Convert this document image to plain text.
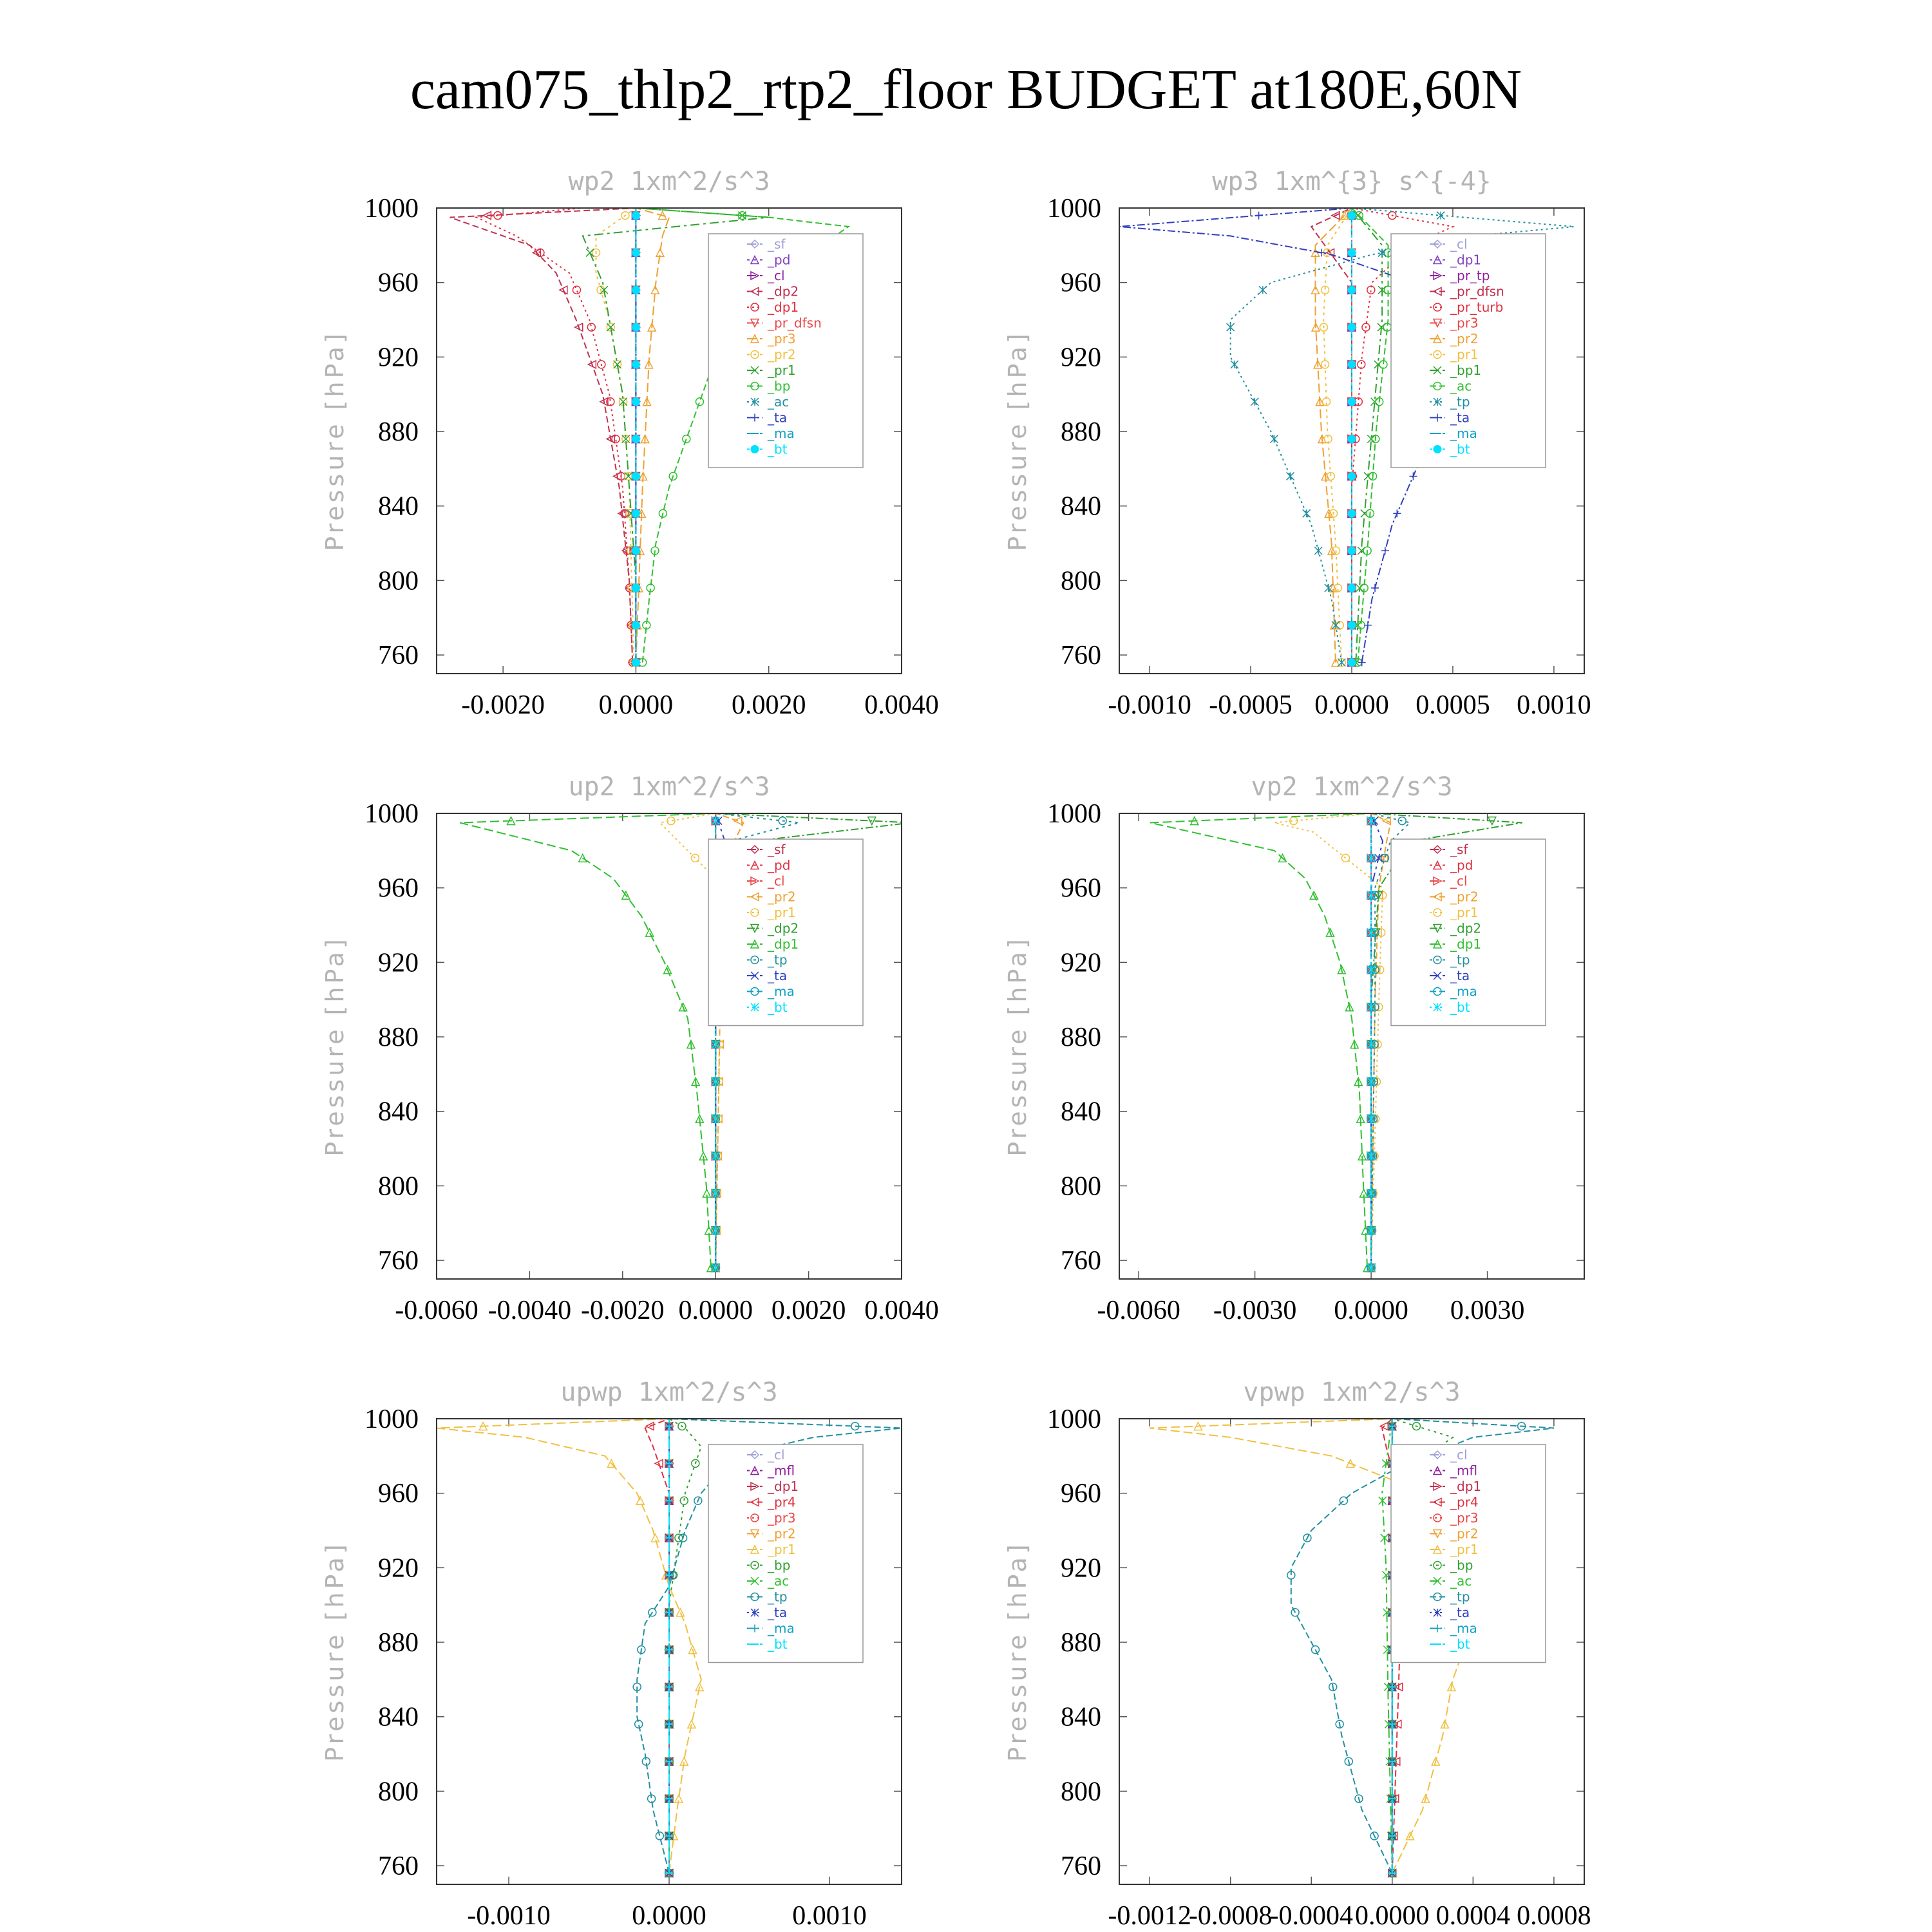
cam075_thlp2_rtp2_floor BUDGET at180E,60N
wp2 1xm^2/s^3
Pressure [hPa]
760
800
840
880
920
960
1000
-0.0020 0.0000 0.0020 0.0040
_sf
_pd
_cl
_dp2
_dp1
_pr_dfsn
_pr3
_pr2
_pr1
_bp
_ac
_ta
_ma
_bt
wp3 1xm^{3} s^{-4}
Pressure [hPa]
760
800
840
880
920
960
1000
-0.0010 -0.0005 0.0000 0.0005 0.0010
_cl
_dp1
_pr_tp
_pr_dfsn
_pr_turb
_pr3
_pr2
_pr1
_bp1
_ac
_tp
_ta
_ma
_bt
up2 1xm^2/s^3
Pressure [hPa]
760
800
840
880
920
960
1000
-0.0060 -0.0040 -0.0020 0.0000 0.0020 0.0040
_sf
_pd
_cl
_pr2
_pr1
_dp2
_dp1
_tp
_ta
_ma
_bt
vp2 1xm^2/s^3
Pressure [hPa]
760
800
840
880
920
960
1000
-0.0060 -0.0030 0.0000 0.0030
_sf
_pd
_cl
_pr2
_pr1
_dp2
_dp1
_tp
_ta
_ma
_bt
upwp 1xm^2/s^3
Pressure [hPa]
760
800
840
880
920
960
1000
-0.0010	0.0000	0.0010
_cl
_mfl
_dp1
_pr4
_pr3
_pr2
_pr1
_bp
_ac
_tp
_ta
_ma
_bt
vpwp 1xm^2/s^3
Pressure [hPa]
760
800
840
880
920
960
1000
-0.0012
-0.0008
-0.0004 0.0000 0.0004 0.0008
_cl
_mfl
_dp1
_pr4
_pr3
_pr2
_pr1
_bp
_ac
_tp
_ta
_ma
_bt
